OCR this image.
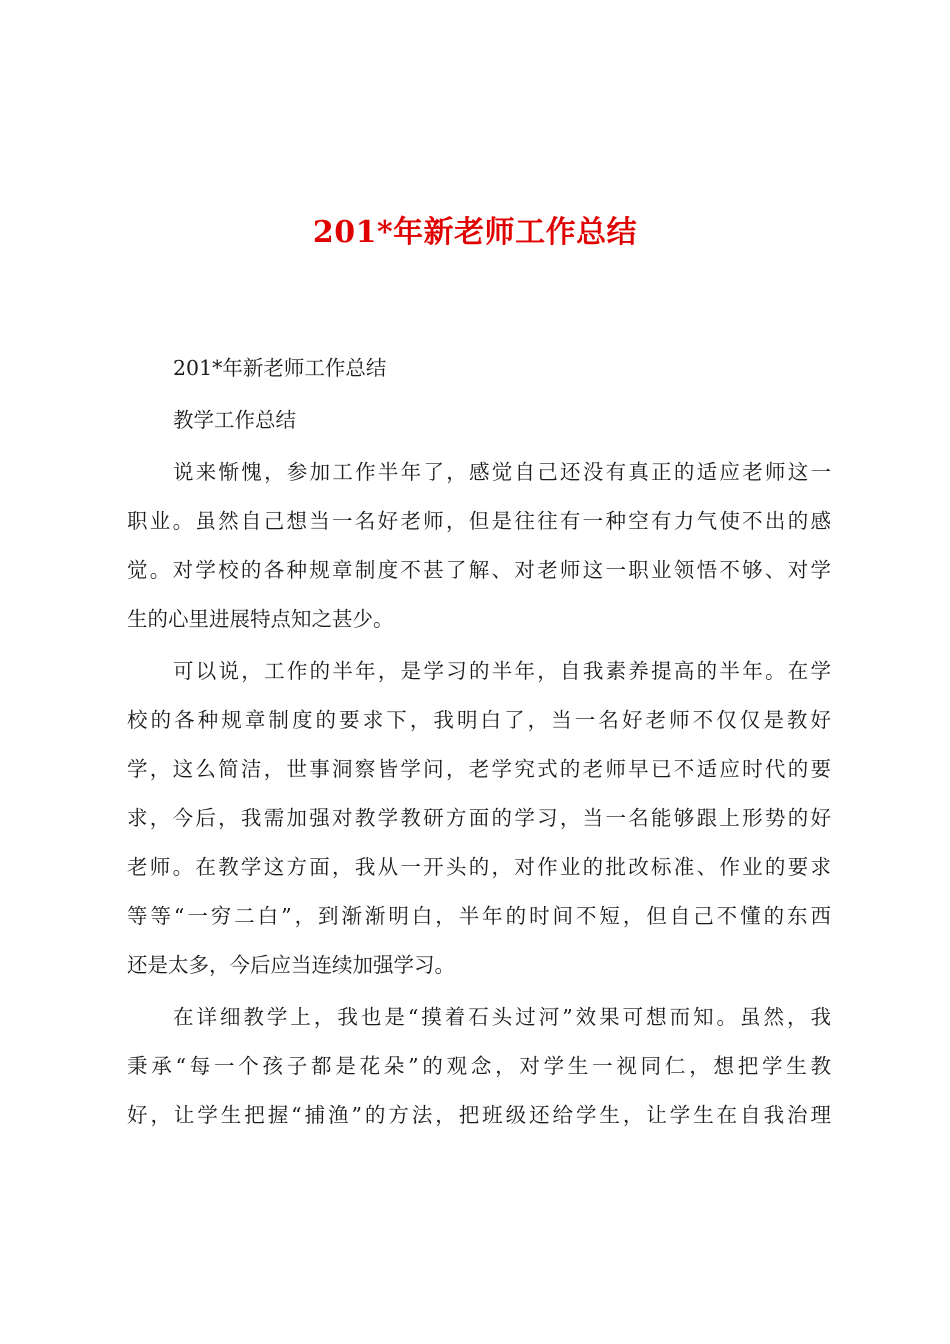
201*年新老师工作总结

201*年新老师工作总结

教学工作总结

说来惭愧，参加工作半年了，感觉自己还没有真正的适应老师这一

职业。虽然自己想当一名好老师，但是往往有一种空有力气使不出的感

觉。对学校的各种规章制度不甚了解、对老师这一职业领悟不够、对学

生的心里进展特点知之甚少。

可以说，工作的半年，是学习的半年，自我素养提高的半年。在学

校的各种规章制度的要求下，我明白了，当一名好老师不仅仅是教好

学，这么简洁，世事洞察皆学问，老学究式的老师早已不适应时代的要

求，今后，我需加强对教学教研方面的学习，当一名能够跟上形势的好

老师。在教学这方面，我从一开头的，对作业的批改标准、作业的要求

等等“一穷二白”，到渐渐明白，半年的时间不短，但自己不懂的东西

还是太多，今后应当连续加强学习。

在详细教学上，我也是“摸着石头过河”效果可想而知。虽然，我

秉承“每一个孩子都是花朵”的观念，对学生一视同仁，想把学生教

好，让学生把握“捕渔”的方法，把班级还给学生，让学生在自我治理
